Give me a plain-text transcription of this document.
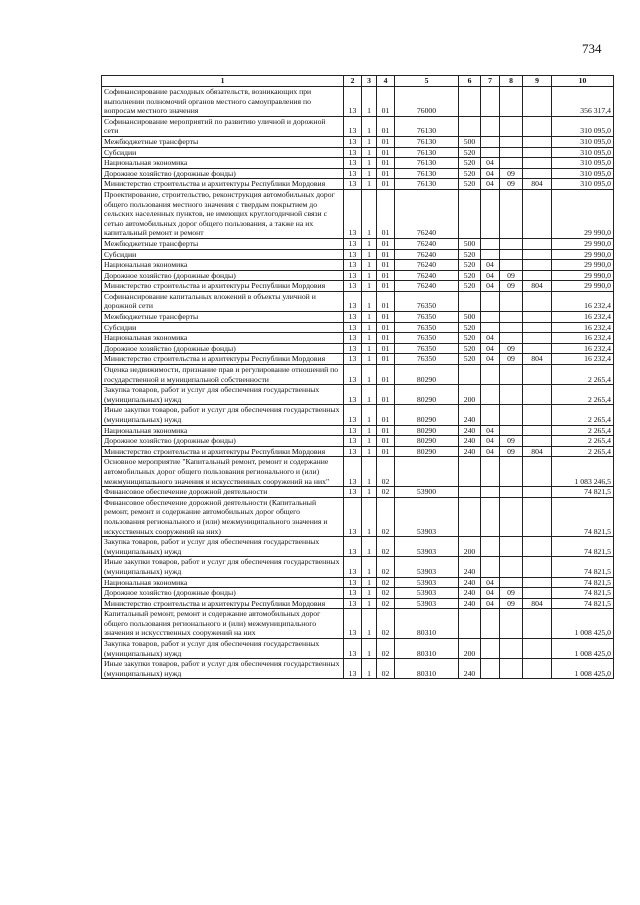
734
1	2	3	4	5	6	7	8	9	10
Софинансирование расходных обязательств, возникающих при выполнении полномочий органов местного самоуправления по вопросам местного значения	13	1	01	76000					356 317,4
Софинансирование мероприятий по развитию уличной и дорожной сети	13	1	01	76130					310 095,0
Межбюджетные трансферты	13	1	01	76130	500				310 095,0
Субсидии	13	1	01	76130	520				310 095,0
Национальная экономика	13	1	01	76130	520	04			310 095,0
Дорожное хозяйство (дорожные фонды)	13	1	01	76130	520	04	09		310 095,0
Министерство строительства и архитектуры Республики Мордовия	13	1	01	76130	520	04	09	804	310 095,0
Проектирование, строительство, реконструкция автомобильных дорог общего пользования местного значения с твердым покрытием до сельских населенных пунктов, не имеющих круглогодичной связи с сетью автомобильных дорог общего пользования, а также на их капитальный ремонт и ремонт	13	1	01	76240					29 990,0
Межбюджетные трансферты	13	1	01	76240	500				29 990,0
Субсидии	13	1	01	76240	520				29 990,0
Национальная экономика	13	1	01	76240	520	04			29 990,0
Дорожное хозяйство (дорожные фонды)	13	1	01	76240	520	04	09		29 990,0
Министерство строительства и архитектуры Республики Мордовия	13	1	01	76240	520	04	09	804	29 990,0
Софинансирование капитальных вложений в объекты уличной и дорожной сети	13	1	01	76350					16 232,4
Межбюджетные трансферты	13	1	01	76350	500				16 232,4
Субсидии	13	1	01	76350	520				16 232,4
Национальная экономика	13	1	01	76350	520	04			16 232,4
Дорожное хозяйство (дорожные фонды)	13	1	01	76350	520	04	09		16 232,4
Министерство строительства и архитектуры Республики Мордовия	13	1	01	76350	520	04	09	804	16 232,4
Оценка недвижимости, признание прав и регулирование отношений по государственной и муниципальной собственности	13	1	01	80290					2 265,4
Закупка товаров, работ и услуг для обеспечения государственных (муниципальных) нужд	13	1	01	80290	200				2 265,4
Иные закупки товаров, работ и услуг для обеспечения государственных (муниципальных) нужд	13	1	01	80290	240				2 265,4
Национальная экономика	13	1	01	80290	240	04			2 265,4
Дорожное хозяйство (дорожные фонды)	13	1	01	80290	240	04	09		2 265,4
Министерство строительства и архитектуры Республики Мордовия	13	1	01	80290	240	04	09	804	2 265,4
Основное мероприятие "Капитальный ремонт, ремонт и содержание автомобильных дорог общего пользования регионального и (или) межмуниципального значения и искусственных сооружений на них"	13	1	02						1 083 246,5
Финансовое обеспечение дорожной деятельности	13	1	02	53900					74 821,5
Финансовое обеспечение дорожной деятельности (Капитальный ремонт, ремонт и содержание автомобильных дорог общего пользования регионального и (или) межмуниципального значения и искусственных сооружений на них)	13	1	02	53903					74 821,5
Закупка товаров, работ и услуг для обеспечения государственных (муниципальных) нужд	13	1	02	53903	200				74 821,5
Иные закупки товаров, работ и услуг для обеспечения государственных (муниципальных) нужд	13	1	02	53903	240				74 821,5
Национальная экономика	13	1	02	53903	240	04			74 821,5
Дорожное хозяйство (дорожные фонды)	13	1	02	53903	240	04	09		74 821,5
Министерство строительства и архитектуры Республики Мордовия	13	1	02	53903	240	04	09	804	74 821,5
Капитальный ремонт, ремонт и содержание автомобильных дорог общего пользования регионального и (или) межмуниципального значения и искусственных сооружений на них	13	1	02	80310					1 008 425,0
Закупка товаров, работ и услуг для обеспечения государственных (муниципальных) нужд	13	1	02	80310	200				1 008 425,0
Иные закупки товаров, работ и услуг для обеспечения государственных (муниципальных) нужд	13	1	02	80310	240				1 008 425,0
